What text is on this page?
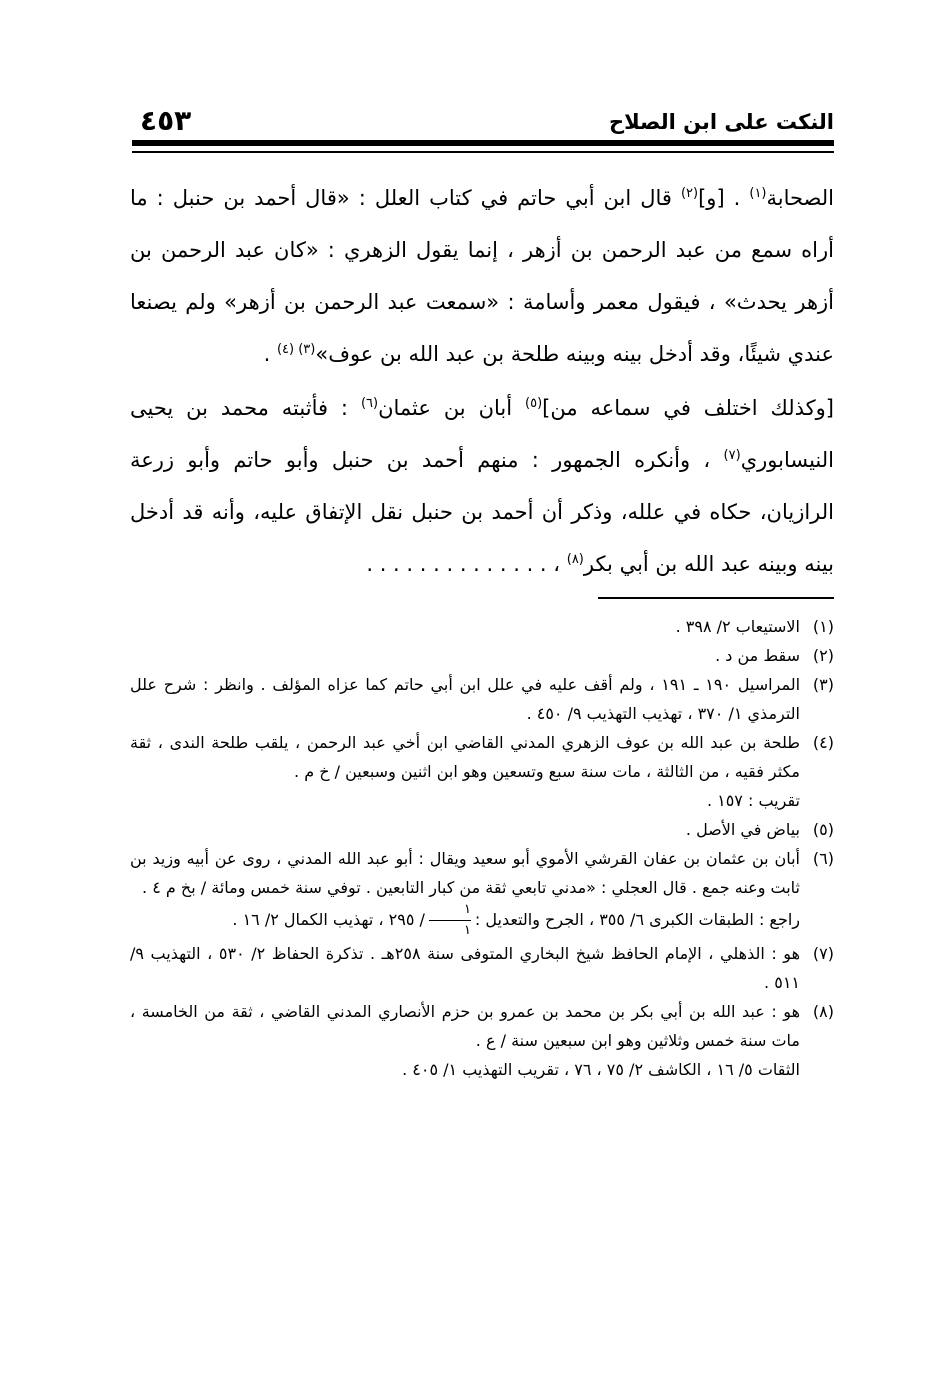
النكت على ابن الصلاح
٤٥٣

الصحابة$^{(١)}$ . [و]$^{(٢)}$ قال ابن أبي حاتم في كتاب العلل : «قال أحمد بن حنبل : ما أراه سمع من عبد الرحمن بن أزهر ، إنما يقول الزهري : «كان عبد الرحمن بن أزهر يحدث» ، فيقول معمر وأسامة : «سمعت عبد الرحمن بن أزهر» ولم يصنعا عندي شيئًا، وقد أدخل بينه وبينه طلحة بن عبد الله بن عوف»$^{(٣) (٤)}$ .

[وكذلك اختلف في سماعه من]$^{(٥)}$ أبان بن عثمان$^{(٦)}$ : فأثبته محمد بن يحيى النيسابوري$^{(٧)}$ ، وأنكره الجمهور : منهم أحمد بن حنبل وأبو حاتم وأبو زرعة الرازيان، حكاه في علله، وذكر أن أحمد بن حنبل نقل الإتفاق عليه، وأنه قد أدخل بينه وبينه عبد الله بن أبي بكر$^{(٨)}$ ، . . . . . . . . . . . . . .

(١)
الاستيعاب ٢/ ٣٩٨ .
(٢)
سقط من د .
(٣)
المراسيل ١٩٠ ـ ١٩١ ، ولم أقف عليه في علل ابن أبي حاتم كما عزاه المؤلف . وانظر : شرح علل الترمذي ١/ ٣٧٠ ، تهذيب التهذيب ٩/ ٤٥٠ .
(٤)
طلحة بن عبد الله بن عوف الزهري المدني القاضي ابن أخي عبد الرحمن ، يلقب طلحة الندى ، ثقة مكثر فقيه ، من الثالثة ، مات سنة سبع وتسعين وهو ابن اثنين وسبعين / خ م .
تقريب : ١٥٧ .
(٥)
بياض في الأصل .
(٦)
أبان بن عثمان بن عفان القرشي الأموي أبو سعيد ويقال : أبو عبد الله المدني ، روى عن أبيه وزيد بن ثابت وعنه جمع . قال العجلي : «مدني تابعي ثقة من كبار التابعين . توفي سنة خمس ومائة / بخ م ٤ .
راجع : الطبقات الكبرى ٦/ ٣٥٥ ، الجرح والتعديل :
$\frac{١}{١}$
/ ٢٩٥ ، تهذيب الكمال ٢/ ١٦ .
(٧)
هو : الذهلي ، الإمام الحافظ شيخ البخاري المتوفى سنة ٢٥٨هـ . تذكرة الحفاظ ٢/ ٥٣٠ ، التهذيب ٩/ ٥١١ .
(٨)
هو : عبد الله بن أبي بكر بن محمد بن عمرو بن حزم الأنصاري المدني القاضي ، ثقة من الخامسة ، مات سنة خمس وثلاثين وهو ابن سبعين سنة / ع .
الثقات ٥/ ١٦ ، الكاشف ٢/ ٧٥ ، ٧٦ ، تقريب التهذيب ١/ ٤٠٥ .
